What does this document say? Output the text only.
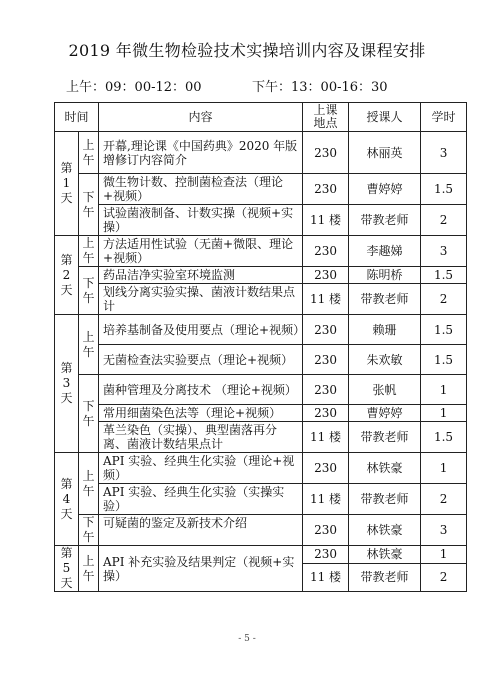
2019 年微生物检验技术实操培训内容及课程安排
上午：09：00-12：00	下午：13：00-16：30
时间		内容	上课地点	授课人	学时
第1天	上午	开幕,理论课《中国药典》2020 年版增修订内容简介	230	林丽英	3
	下午	微生物计数、控制菌检查法（理论+视频）	230	曹婷婷	1.5
		试验菌液制备、计数实操（视频+实操）	11 楼	带教老师	2
第2天	上午	方法适用性试验（无菌+微限、理论+视频）	230	李趣娣	3
	下午	药品洁净实验室环境监测	230	陈明桥	1.5
		划线分离实验实操、菌液计数结果点计	11 楼	带教老师	2
第3天	上午	培养基制备及使用要点（理论+视频）	230	赖珊	1.5
		无菌检查法实验要点（理论+视频）	230	朱欢敏	1.5
	下午	菌种管理及分离技术 （理论+视频）	230	张帆	1
		常用细菌染色法等（理论+视频）	230	曹婷婷	1
		革兰染色（实操）、典型菌落再分离、菌液计数结果点计	11 楼	带教老师	1.5
第4天	上午	API 实验、经典生化实验（理论+视频）	230	林铁豪	1
		API 实验、经典生化实验（实操实验）	11 楼	带教老师	2
	下午	可疑菌的鉴定及新技术介绍	230	林铁豪	3
第5天	上午	API 补充实验及结果判定（视频+实操）	230	林铁豪	1
			11 楼	带教老师	2
- 5 -
